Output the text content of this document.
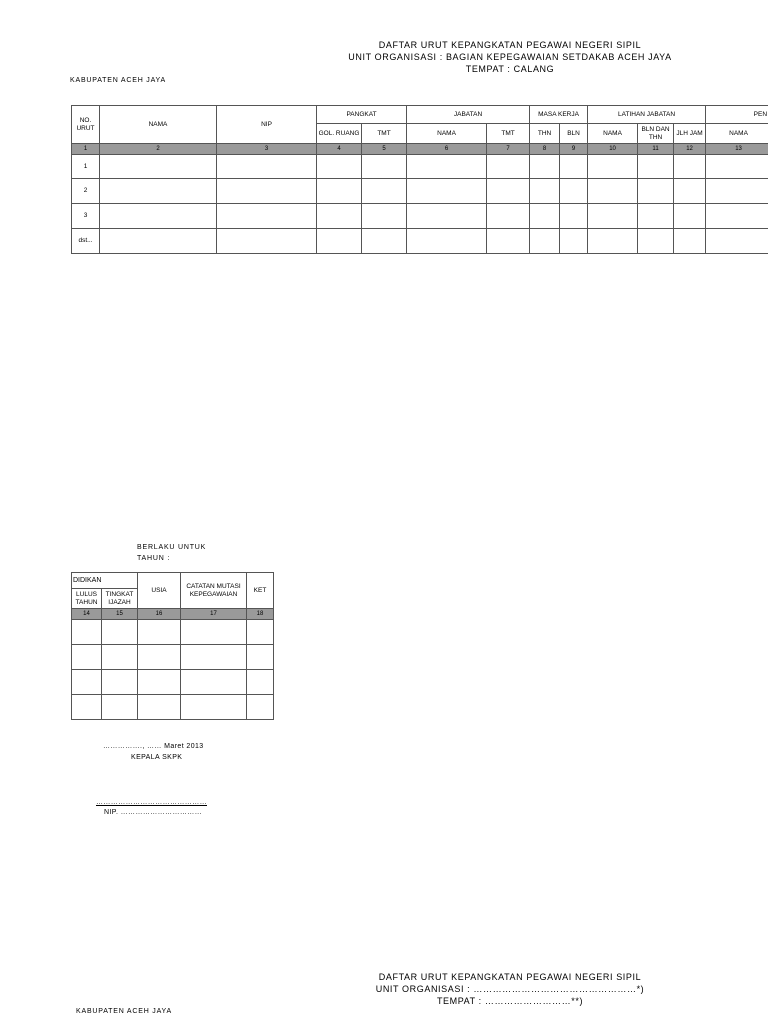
DAFTAR URUT KEPANGKATAN PEGAWAI NEGERI SIPIL
UNIT ORGANISASI : BAGIAN KEPEGAWAIAN SETDAKAB ACEH JAYA
TEMPAT : CALANG
KABUPATEN ACEH JAYA
NO. URUT	NAMA	NIP	PANGKAT		JABATAN		MASA KERJA		LATIHAN JABATAN			PEN
			GOL. RUANG	TMT	NAMA	TMT	THN	BLN	NAMA	BLN DAN THN	JLH JAM	NAMA
1	2	3	4	5	6	7	8	9	10	11	12	13
1												
2												
3												
dst...												
BERLAKU UNTUK
TAHUN :
DIDIKAN		USIA	CATATAN MUTASI KEPEGAWAIAN	KET
LULUS TAHUN	TINGKAT IJAZAH			
14	15	16	17	18

……………., …… Maret 2013
KEPALA SKPK
………………………………………
NIP. ……………………………
DAFTAR URUT KEPANGKATAN PEGAWAI NEGERI SIPIL
UNIT ORGANISASI : ……………………………………………*)
TEMPAT : ………………………**)
KABUPATEN ACEH JAYA
